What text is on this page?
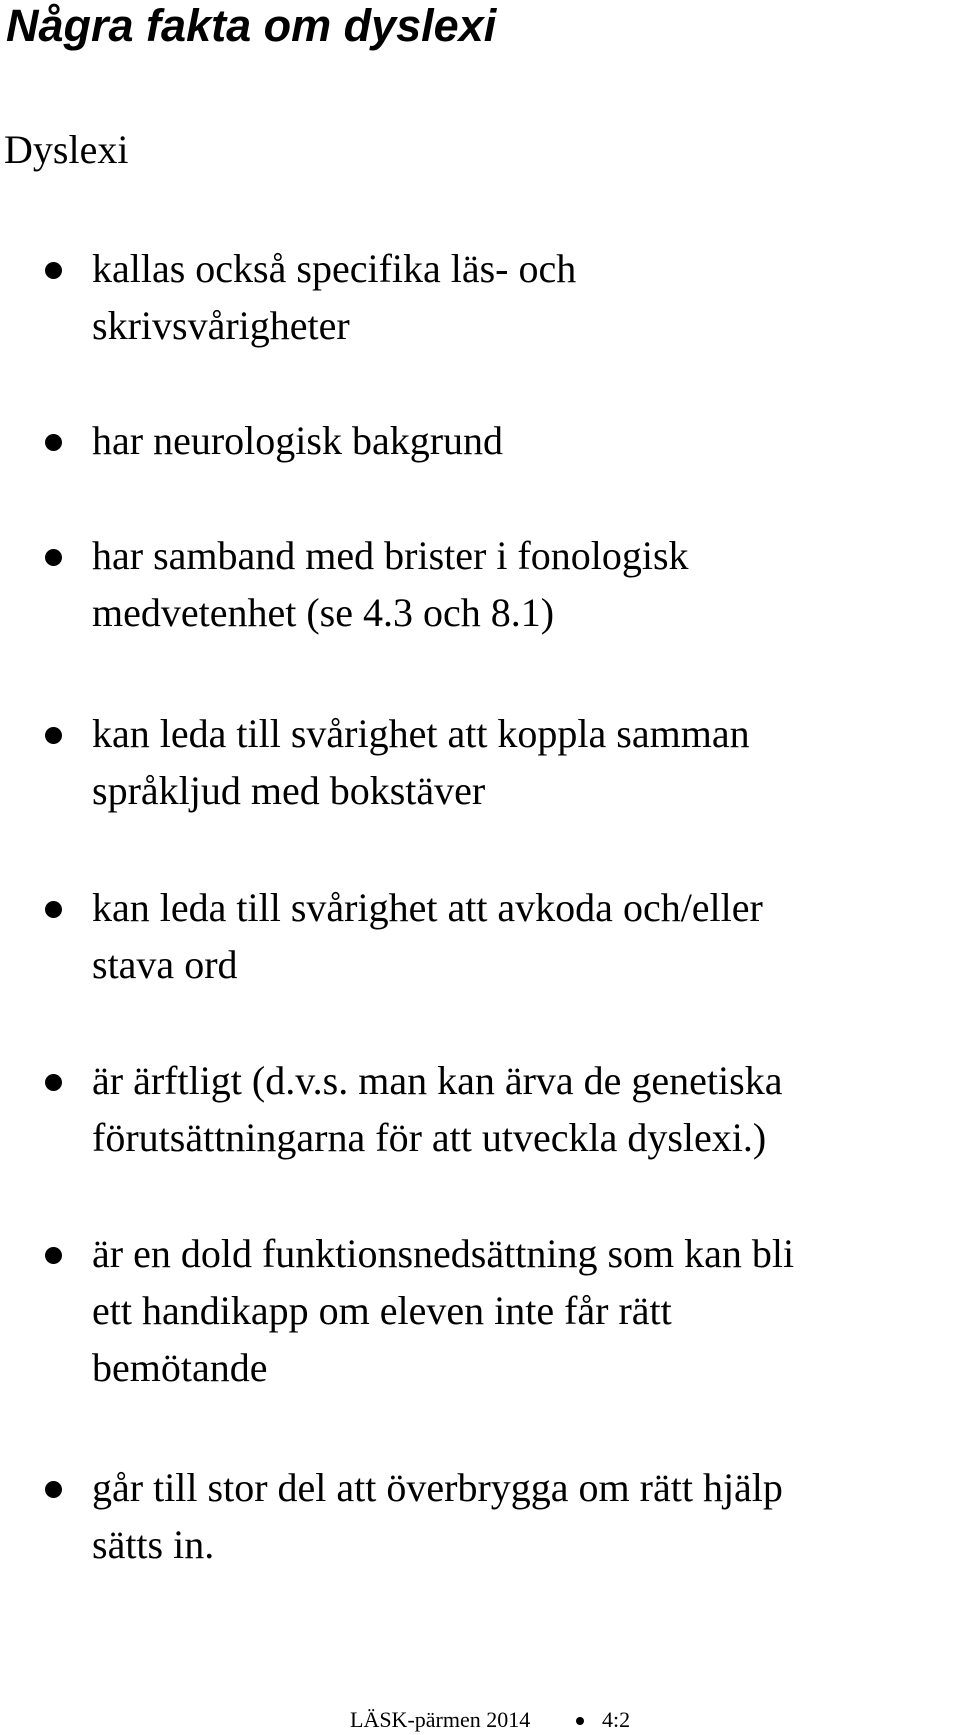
Några fakta om dyslexi
Dyslexi
kallas också specifika läs- och
skrivsvårigheter
har neurologisk bakgrund
har samband med brister i fonologisk
medvetenhet (se 4.3 och 8.1)
kan leda till svårighet att koppla samman
språkljud med bokstäver
kan leda till svårighet att avkoda och/eller
stava ord
är ärftligt (d.v.s. man kan ärva de genetiska
förutsättningarna för att utveckla dyslexi.)
är en dold funktionsnedsättning som kan bli
ett handikapp om eleven inte får rätt
bemötande
går till stor del att överbrygga om rätt hjälp
sätts in.
LÄSK-pärmen 2014	4:2
